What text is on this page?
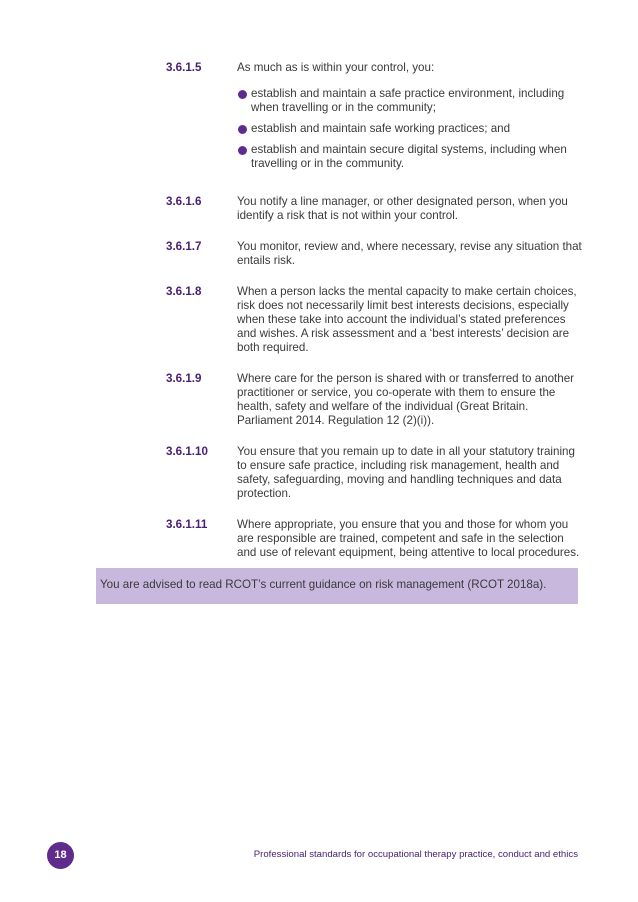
3.6.1.5	As much as is within your control, you:

establish and maintain a safe practice environment, including when travelling or in the community;
establish and maintain safe working practices; and
establish and maintain secure digital systems, including when travelling or in the community.
3.6.1.6	You notify a line manager, or other designated person, when you identify a risk that is not within your control.

3.6.1.7	You monitor, review and, where necessary, revise any situation that entails risk.

3.6.1.8	When a person lacks the mental capacity to make certain choices, risk does not necessarily limit best interests decisions, especially when these take into account the individual’s stated preferences and wishes. A risk assessment and a ‘best interests’ decision are both required.

3.6.1.9	Where care for the person is shared with or transferred to another practitioner or service, you co-operate with them to ensure the health, safety and welfare of the individual (Great Britain. Parliament 2014. Regulation 12 (2)(i)).

3.6.1.10	You ensure that you remain up to date in all your statutory training to ensure safe practice, including risk management, health and safety, safeguarding, moving and handling techniques and data protection.

3.6.1.11	Where appropriate, you ensure that you and those for whom you are responsible are trained, competent and safe in the selection and use of relevant equipment, being attentive to local procedures.

You are advised to read RCOT’s current guidance on risk management (RCOT 2018a).
18	Professional standards for occupational therapy practice, conduct and ethics
